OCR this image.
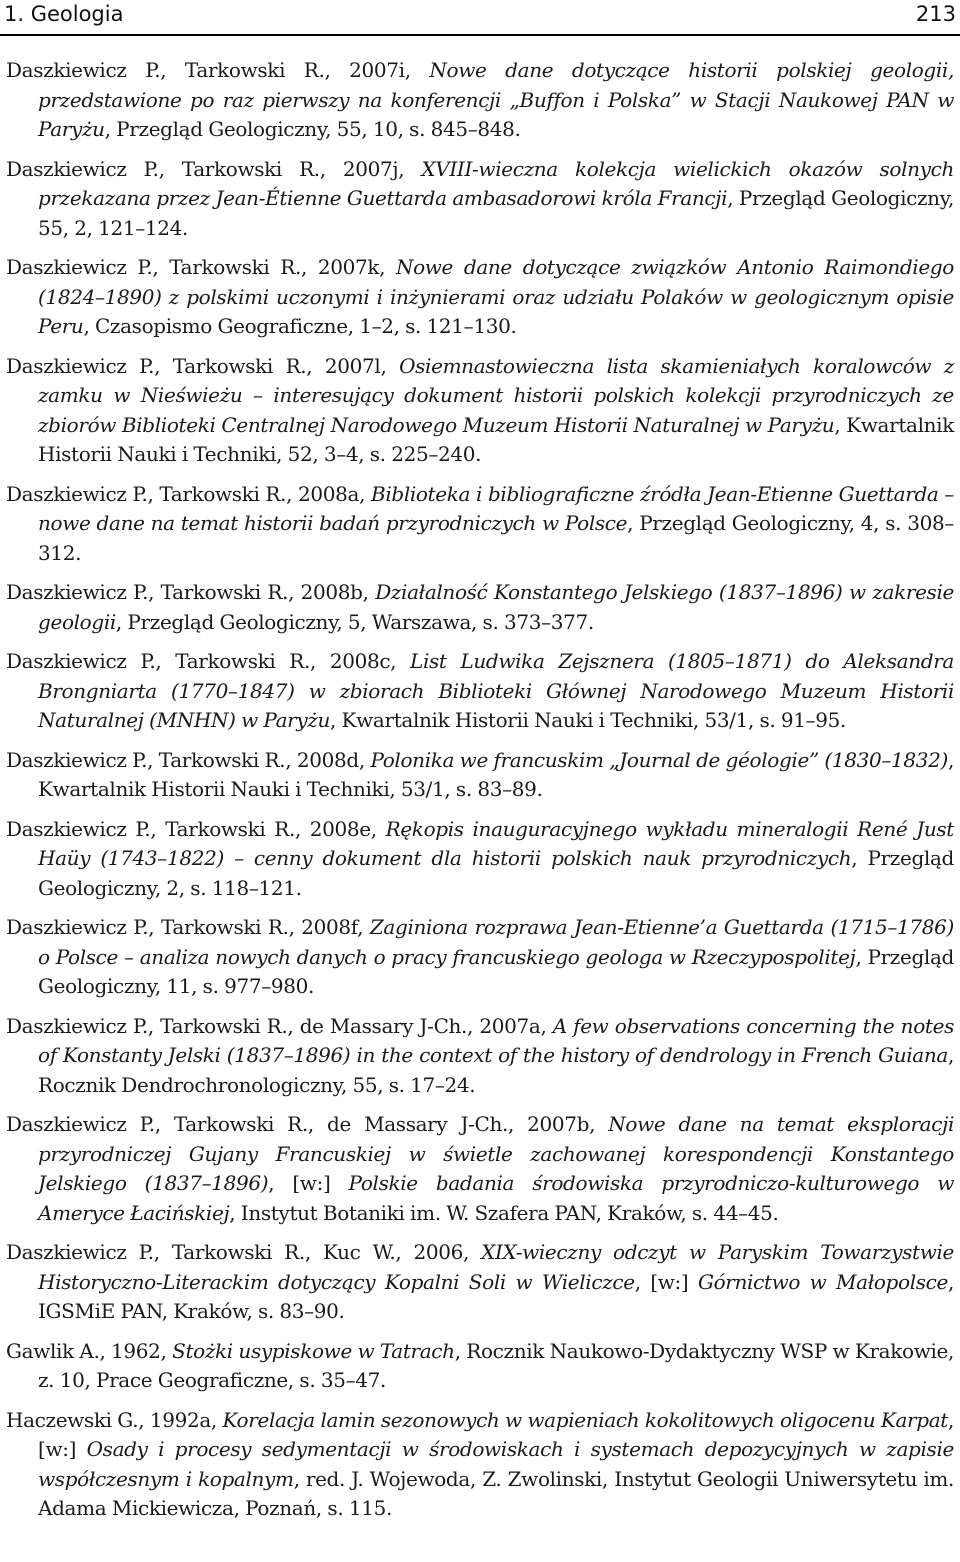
1. Geologia	213

Daszkiewicz P., Tarkowski R., 2007i, Nowe dane dotyczące historii polskiej geologii, przedstawione po raz pierwszy na konferencji „Buffon i Polska” w Stacji Naukowej PAN w Paryżu, Przegląd Geologiczny, 55, 10, s. 845–848.

Daszkiewicz P., Tarkowski R., 2007j, XVIII-wieczna kolekcja wielickich okazów solnych przekazana przez Jean-Étienne Guettarda ambasadorowi króla Francji, Przegląd Geologiczny, 55, 2, 121–124.

Daszkiewicz P., Tarkowski R., 2007k, Nowe dane dotyczące związków Antonio Raimondiego (1824–1890) z polskimi uczonymi i inżynierami oraz udziału Polaków w geologicznym opisie Peru, Czasopismo Geograficzne, 1–2, s. 121–130.

Daszkiewicz P., Tarkowski R., 2007l, Osiemnastowieczna lista skamieniałych koralowców z zamku w Nieświeżu – interesujący dokument historii polskich kolekcji przyrodniczych ze zbiorów Biblioteki Centralnej Narodowego Muzeum Historii Naturalnej w Paryżu, Kwartalnik Historii Nauki i Techniki, 52, 3–4, s. 225–240.

Daszkiewicz P., Tarkowski R., 2008a, Biblioteka i bibliograficzne źródła Jean-Etienne Guettarda – nowe dane na temat historii badań przyrodniczych w Polsce, Przegląd Geologiczny, 4, s. 308–312.

Daszkiewicz P., Tarkowski R., 2008b, Działalność Konstantego Jelskiego (1837–1896) w zakresie geologii, Przegląd Geologiczny, 5, Warszawa, s. 373–377.

Daszkiewicz P., Tarkowski R., 2008c, List Ludwika Zejsznera (1805–1871) do Aleksandra Brongniarta (1770–1847) w zbiorach Biblioteki Głównej Narodowego Muzeum Historii Naturalnej (MNHN) w Paryżu, Kwartalnik Historii Nauki i Techniki, 53/1, s. 91–95.

Daszkiewicz P., Tarkowski R., 2008d, Polonika we francuskim „Journal de géologie” (1830–1832), Kwartalnik Historii Nauki i Techniki, 53/1, s. 83–89.

Daszkiewicz P., Tarkowski R., 2008e, Rękopis inauguracyjnego wykładu mineralogii René Just Haüy (1743–1822) – cenny dokument dla historii polskich nauk przyrodniczych, Przegląd Geologiczny, 2, s. 118–121.

Daszkiewicz P., Tarkowski R., 2008f, Zaginiona rozprawa Jean-Etienne’a Guettarda (1715–1786) o Polsce – analiza nowych danych o pracy francuskiego geologa w Rzeczypospolitej, Przegląd Geologiczny, 11, s. 977–980.

Daszkiewicz P., Tarkowski R., de Massary J-Ch., 2007a, A few observations concerning the notes of Konstanty Jelski (1837–1896) in the context of the history of dendrology in French Guiana, Rocznik Dendrochronologiczny, 55, s. 17–24.

Daszkiewicz P., Tarkowski R., de Massary J-Ch., 2007b, Nowe dane na temat eksploracji przyrodniczej Gujany Francuskiej w świetle zachowanej korespondencji Konstantego Jelskiego (1837–1896), [w:] Polskie badania środowiska przyrodniczo-kulturowego w Ameryce Łacińskiej, Instytut Botaniki im. W. Szafera PAN, Kraków, s. 44–45.

Daszkiewicz P., Tarkowski R., Kuc W., 2006, XIX-wieczny odczyt w Paryskim Towarzystwie Historyczno-Literackim dotyczący Kopalni Soli w Wieliczce, [w:] Górnictwo w Małopolsce, IGSMiE PAN, Kraków, s. 83–90.

Gawlik A., 1962, Stożki usypiskowe w Tatrach, Rocznik Naukowo-Dydaktyczny WSP w Krakowie, z. 10, Prace Geograficzne, s. 35–47.

Haczewski G., 1992a, Korelacja lamin sezonowych w wapieniach kokolitowych oligocenu Karpat, [w:] Osady i procesy sedymentacji w środowiskach i systemach depozycyjnych w zapisie współczesnym i kopalnym, red. J. Wojewoda, Z. Zwolinski, Instytut Geologii Uniwersytetu im. Adama Mickiewicza, Poznań, s. 115.
